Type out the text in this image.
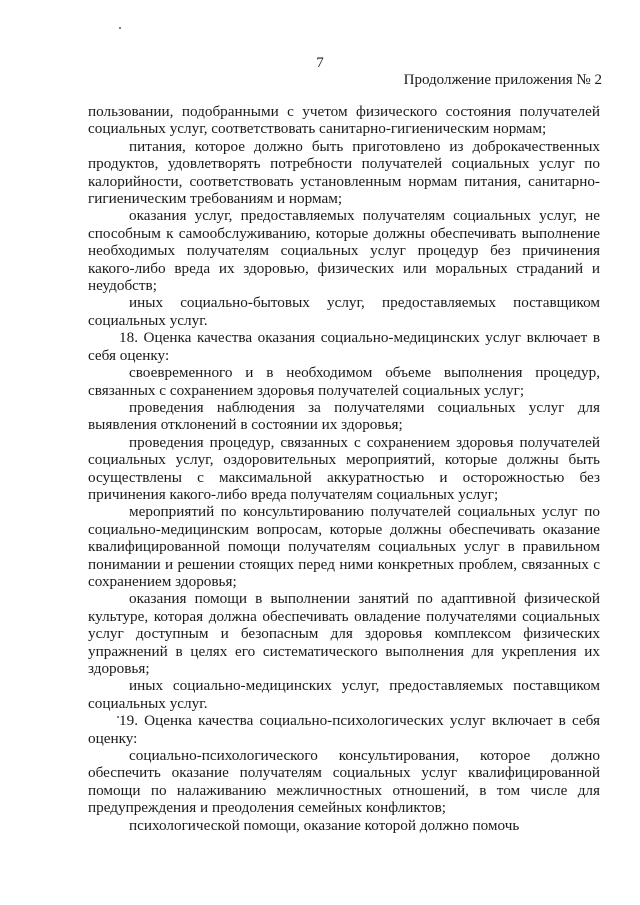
7
Продолжение приложения № 2

пользовании, подобранными с учетом физического состояния получателей социальных услуг, соответствовать санитарно-гигиеническим нормам;

питания, которое должно быть приготовлено из доброкачественных продуктов, удовлетворять потребности получателей социальных услуг по калорийности, соответствовать установленным нормам питания, санитарно-гигиеническим требованиям и нормам;

оказания услуг, предоставляемых получателям социальных услуг, не способным к самообслуживанию, которые должны обеспечивать выполнение необходимых получателям социальных услуг процедур без причинения какого-либо вреда их здоровью, физических или моральных страданий и неудобств;

иных социально-бытовых услуг, предоставляемых поставщиком социальных услуг.

18. Оценка качества оказания социально-медицинских услуг включает в себя оценку:

своевременного и в необходимом объеме выполнения процедур, связанных с сохранением здоровья получателей социальных услуг;

проведения наблюдения за получателями социальных услуг для выявления отклонений в состоянии их здоровья;

проведения процедур, связанных с сохранением здоровья получателей социальных услуг, оздоровительных мероприятий, которые должны быть осуществлены с максимальной аккуратностью и осторожностью без причинения какого-либо вреда получателям социальных услуг;

мероприятий по консультированию получателей социальных услуг по социально-медицинским вопросам, которые должны обеспечивать оказание квалифицированной помощи получателям социальных услуг в правильном понимании и решении стоящих перед ними конкретных проблем, связанных с сохранением здоровья;

оказания помощи в выполнении занятий по адаптивной физической культуре, которая должна обеспечивать овладение получателями социальных услуг доступным и безопасным для здоровья комплексом физических упражнений в целях его систематического выполнения для укрепления их здоровья;

иных социально-медицинских услуг, предоставляемых поставщиком социальных услуг.

19. Оценка качества социально-психологических услуг включает в себя оценку:

социально-психологического консультирования, которое должно обеспечить оказание получателям социальных услуг квалифицированной помощи по налаживанию межличностных отношений, в том числе для предупреждения и преодоления семейных конфликтов;

психологической помощи, оказание которой должно помочь
